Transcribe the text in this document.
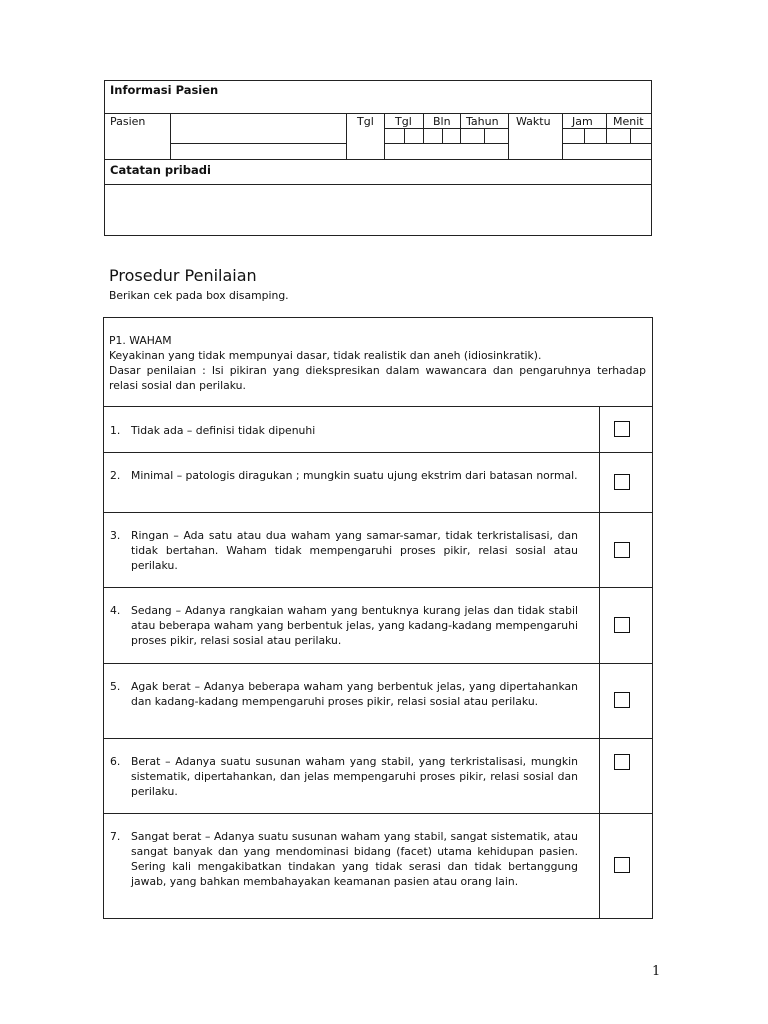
Informasi Pasien
Pasien	Tgl Tgl Bln Tahun Waktu Jam Menit
Catatan pribadi
Prosedur Penilaian
Berikan cek pada box disamping.
P1. WAHAM
Keyakinan yang tidak mempunyai dasar, tidak realistik dan aneh (idiosinkratik).
Dasar penilaian : Isi pikiran yang diekspresikan dalam wawancara dan pengaruhnya terhadap relasi sosial dan perilaku.
1. Tidak ada – definisi tidak dipenuhi
2. Minimal – patologis diragukan ; mungkin suatu ujung ekstrim dari batasan normal.
3. Ringan – Ada satu atau dua waham yang samar-samar, tidak terkristalisasi, dan tidak bertahan. Waham tidak mempengaruhi proses pikir, relasi sosial atau perilaku.
4. Sedang – Adanya rangkaian waham yang bentuknya kurang jelas dan tidak stabil atau beberapa waham yang berbentuk jelas, yang kadang-kadang mempengaruhi proses pikir, relasi sosial atau perilaku.
5. Agak berat – Adanya beberapa waham yang berbentuk jelas, yang dipertahankan dan kadang-kadang mempengaruhi proses pikir, relasi sosial atau perilaku.
6. Berat – Adanya suatu susunan waham yang stabil, yang terkristalisasi, mungkin sistematik, dipertahankan, dan jelas mempengaruhi proses pikir, relasi sosial dan perilaku.
7. Sangat berat – Adanya suatu susunan waham yang stabil, sangat sistematik, atau sangat banyak dan yang mendominasi bidang (facet) utama kehidupan pasien. Sering kali mengakibatkan tindakan yang tidak serasi dan tidak bertanggung jawab, yang bahkan membahayakan keamanan pasien atau orang lain.
1
